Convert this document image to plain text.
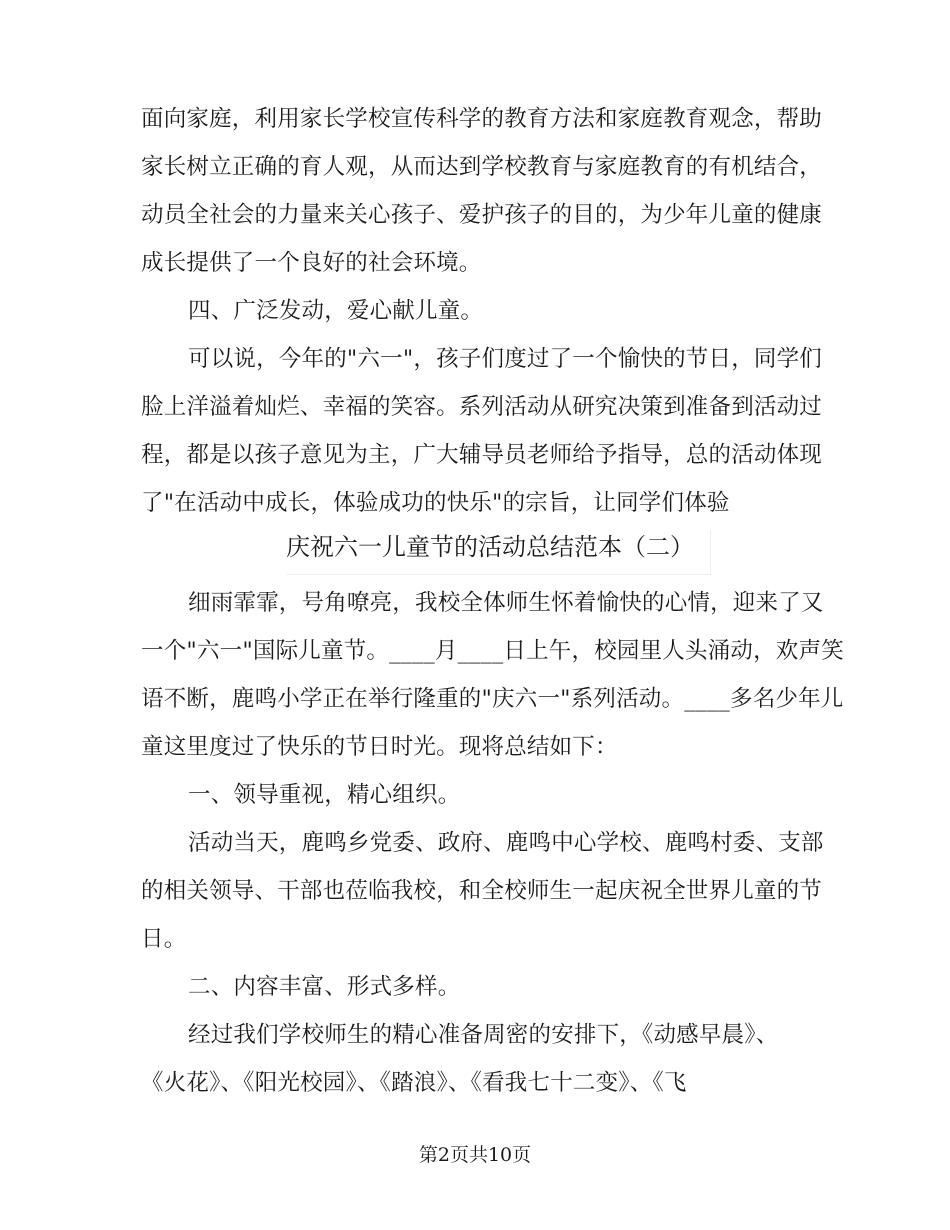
面向家庭，利用家长学校宣传科学的教育方法和家庭教育观念，帮助
家长树立正确的育人观，从而达到学校教育与家庭教育的有机结合，
动员全社会的力量来关心孩子、爱护孩子的目的，为少年儿童的健康
成长提供了一个良好的社会环境。
四、广泛发动，爱心献儿童。
可以说，今年的"六一"，孩子们度过了一个愉快的节日，同学们
脸上洋溢着灿烂、幸福的笑容。系列活动从研究决策到准备到活动过
程，都是以孩子意见为主，广大辅导员老师给予指导，总的活动体现
了"在活动中成长，体验成功的快乐"的宗旨，让同学们体验
庆祝六一儿童节的活动总结范本（二）
细雨霏霏，号角嘹亮，我校全体师生怀着愉快的心情，迎来了又
一个"六一"国际儿童节。____月____日上午，校园里人头涌动，欢声笑
语不断，鹿鸣小学正在举行隆重的"庆六一"系列活动。____多名少年儿
童这里度过了快乐的节日时光。现将总结如下：
一、领导重视，精心组织。
活动当天，鹿鸣乡党委、政府、鹿鸣中心学校、鹿鸣村委、支部
的相关领导、干部也莅临我校，和全校师生一起庆祝全世界儿童的节
日。
二、内容丰富、形式多样。
经过我们学校师生的精心准备周密的安排下，《动感早晨》、
《火花》、《阳光校园》、《踏浪》、《看我七十二变》、《飞
第2页共10页
